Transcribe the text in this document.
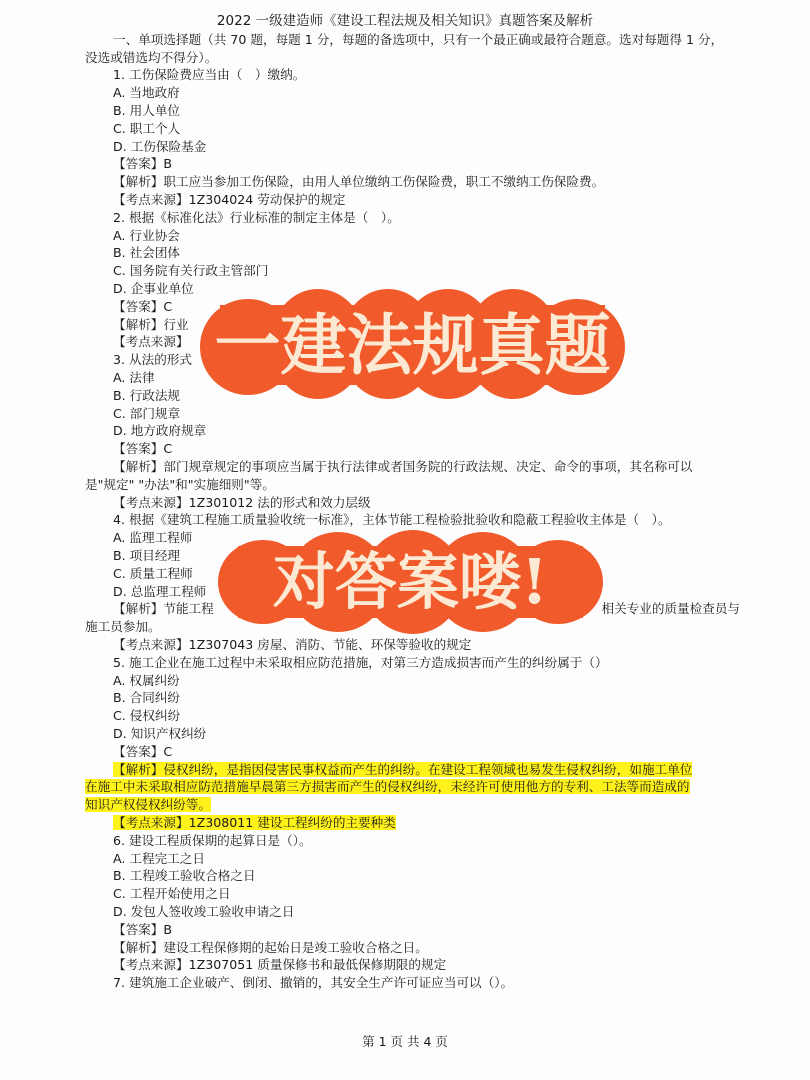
2022 一级建造师《建设工程法规及相关知识》真题答案及解析
一、单项选择题（共 70 题，每题 1 分，每题的备选项中，只有一个最正确或最符合题意。选对每题得 1 分，
没选或错选均不得分）。
1. 工伤保险费应当由（　）缴纳。
A. 当地政府
B. 用人单位
C. 职工个人
D. 工伤保险基金
【答案】B
【解析】职工应当参加工伤保险，由用人单位缴纳工伤保险费，职工不缴纳工伤保险费。
【考点来源】1Z304024 劳动保护的规定
2. 根据《标准化法》行业标准的制定主体是（　）。
A. 行业协会
B. 社会团体
C. 国务院有关行政主管部门
D. 企事业单位
【答案】C
【解析】行业
【考点来源】
3. 从法的形式
A. 法律
B. 行政法规
C. 部门规章
D. 地方政府规章
【答案】C
【解析】部门规章规定的事项应当属于执行法律或者国务院的行政法规、决定、命令的事项，其名称可以
是"规定" "办法"和"实施细则"等。
【考点来源】1Z301012 法的形式和效力层级
4. 根据《建筑工程施工质量验收统一标准》，主体节能工程检验批验收和隐蔽工程验收主体是（　）。
A. 监理工程师
B. 项目经理
C. 质量工程师
D. 总监理工程师
【解析】节能工程	相关专业的质量检查员与
施工员参加。
【考点来源】1Z307043 房屋、消防、节能、环保等验收的规定
5. 施工企业在施工过程中未采取相应防范措施，对第三方造成损害而产生的纠纷属于（）
A. 权属纠纷
B. 合同纠纷
C. 侵权纠纷
D. 知识产权纠纷
【答案】C
【解析】侵权纠纷，是指因侵害民事权益而产生的纠纷。在建设工程领域也易发生侵权纠纷，如施工单位
在施工中未采取相应防范措施早晨第三方损害而产生的侵权纠纷，未经许可使用他方的专利、工法等而造成的
知识产权侵权纠纷等。
【考点来源】1Z308011 建设工程纠纷的主要种类
6. 建设工程质保期的起算日是（）。
A. 工程完工之日
B. 工程竣工验收合格之日
C. 工程开始使用之日
D. 发包人签收竣工验收申请之日
【答案】B
【解析】建设工程保修期的起始日是竣工验收合格之日。
【考点来源】1Z307051 质量保修书和最低保修期限的规定
7. 建筑施工企业破产、倒闭、撤销的，其安全生产许可证应当可以（）。
一建法规真题
对答案喽!
第 1 页 共 4 页
